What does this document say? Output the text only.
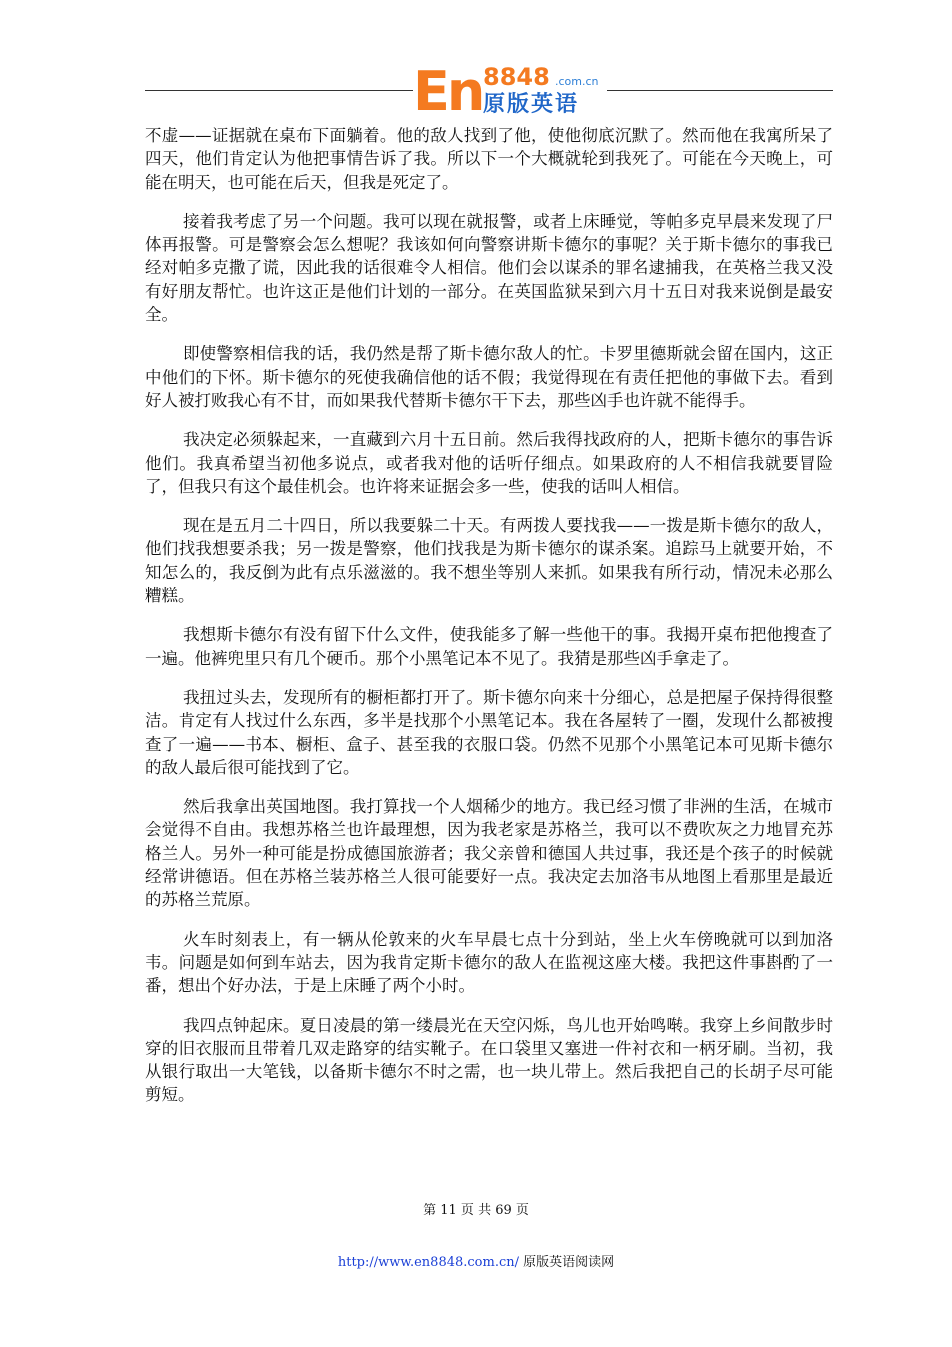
En 8848 .com.cn
原版英语

不虚——证据就在桌布下面躺着。他的敌人找到了他，使他彻底沉默了。然而他在我寓所呆了四天，他们肯定认为他把事情告诉了我。所以下一个大概就轮到我死了。可能在今天晚上，可能在明天，也可能在后天，但我是死定了。

接着我考虑了另一个问题。我可以现在就报警，或者上床睡觉，等帕多克早晨来发现了尸体再报警。可是警察会怎么想呢？我该如何向警察讲斯卡德尔的事呢？关于斯卡德尔的事我已经对帕多克撒了谎，因此我的话很难令人相信。他们会以谋杀的罪名逮捕我，在英格兰我又没有好朋友帮忙。也许这正是他们计划的一部分。在英国监狱呆到六月十五日对我来说倒是最安全。

即使警察相信我的话，我仍然是帮了斯卡德尔敌人的忙。卡罗里德斯就会留在国内，这正中他们的下怀。斯卡德尔的死使我确信他的话不假；我觉得现在有责任把他的事做下去。看到好人被打败我心有不甘，而如果我代替斯卡德尔干下去，那些凶手也许就不能得手。

我决定必须躲起来，一直藏到六月十五日前。然后我得找政府的人，把斯卡德尔的事告诉他们。我真希望当初他多说点，或者我对他的话听仔细点。如果政府的人不相信我就要冒险了，但我只有这个最佳机会。也许将来证据会多一些，使我的话叫人相信。

现在是五月二十四日，所以我要躲二十天。有两拨人要找我——一拨是斯卡德尔的敌人，他们找我想要杀我；另一拨是警察，他们找我是为斯卡德尔的谋杀案。追踪马上就要开始，不知怎么的，我反倒为此有点乐滋滋的。我不想坐等别人来抓。如果我有所行动，情况未必那么糟糕。

我想斯卡德尔有没有留下什么文件，使我能多了解一些他干的事。我揭开桌布把他搜查了一遍。他裤兜里只有几个硬币。那个小黑笔记本不见了。我猜是那些凶手拿走了。

我扭过头去，发现所有的橱柜都打开了。斯卡德尔向来十分细心，总是把屋子保持得很整洁。肯定有人找过什么东西，多半是找那个小黑笔记本。我在各屋转了一圈，发现什么都被搜查了一遍——书本、橱柜、盒子、甚至我的衣服口袋。仍然不见那个小黑笔记本可见斯卡德尔的敌人最后很可能找到了它。

然后我拿出英国地图。我打算找一个人烟稀少的地方。我已经习惯了非洲的生活，在城市会觉得不自由。我想苏格兰也许最理想，因为我老家是苏格兰，我可以不费吹灰之力地冒充苏格兰人。另外一种可能是扮成德国旅游者；我父亲曾和德国人共过事，我还是个孩子的时候就经常讲德语。但在苏格兰装苏格兰人很可能要好一点。我决定去加洛韦从地图上看那里是最近的苏格兰荒原。

火车时刻表上，有一辆从伦敦来的火车早晨七点十分到站，坐上火车傍晚就可以到加洛韦。问题是如何到车站去，因为我肯定斯卡德尔的敌人在监视这座大楼。我把这件事斟酌了一番，想出个好办法，于是上床睡了两个小时。

我四点钟起床。夏日凌晨的第一缕晨光在天空闪烁，鸟儿也开始鸣啭。我穿上乡间散步时穿的旧衣服而且带着几双走路穿的结实靴子。在口袋里又塞进一件衬衣和一柄牙刷。当初，我从银行取出一大笔钱，以备斯卡德尔不时之需，也一块儿带上。然后我把自己的长胡子尽可能剪短。

第 11 页 共 69 页
http://www.en8848.com.cn/ 原版英语阅读网
